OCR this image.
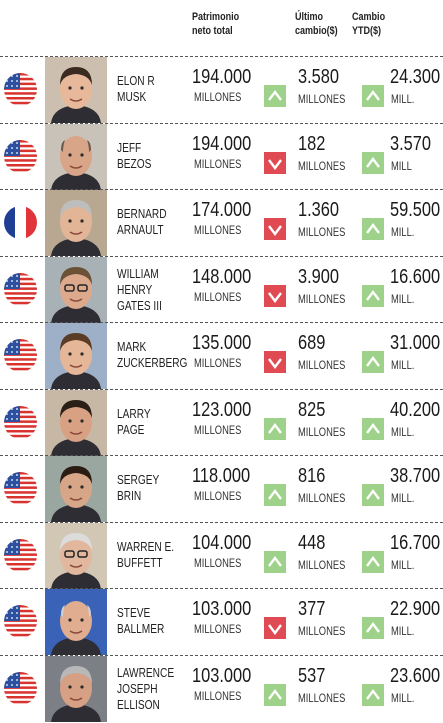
Patrimonio
neto total
Último
cambio($)
Cambio
YTD($)
ELON R
MUSK
194.000
MILLONES
3.580
MILLONES
24.300
MILL.
JEFF
BEZOS
194.000
MILLONES
182
MILLONES
3.570
MILL
BERNARD
ARNAULT
174.000
MILLONES
1.360
MILLONES
59.500
MILL.
WILLIAM
HENRY
GATES III
148.000
MILLONES
3.900
MILLONES
16.600
MILL.
MARK
ZUCKERBERG
135.000
MILLONES
689
MILLONES
31.000
MILL.
LARRY
PAGE
123.000
MILLONES
825
MILLONES
40.200
MILL.
SERGEY
BRIN
118.000
MILLONES
816
MILLONES
38.700
MILL.
WARREN E.
BUFFETT
104.000
MILLONES
448
MILLONES
16.700
MILL.
STEVE
BALLMER
103.000
MILLONES
377
MILLONES
22.900
MILL.
LAWRENCE
JOSEPH
ELLISON
103.000
MILLONES
537
MILLONES
23.600
MILL.
